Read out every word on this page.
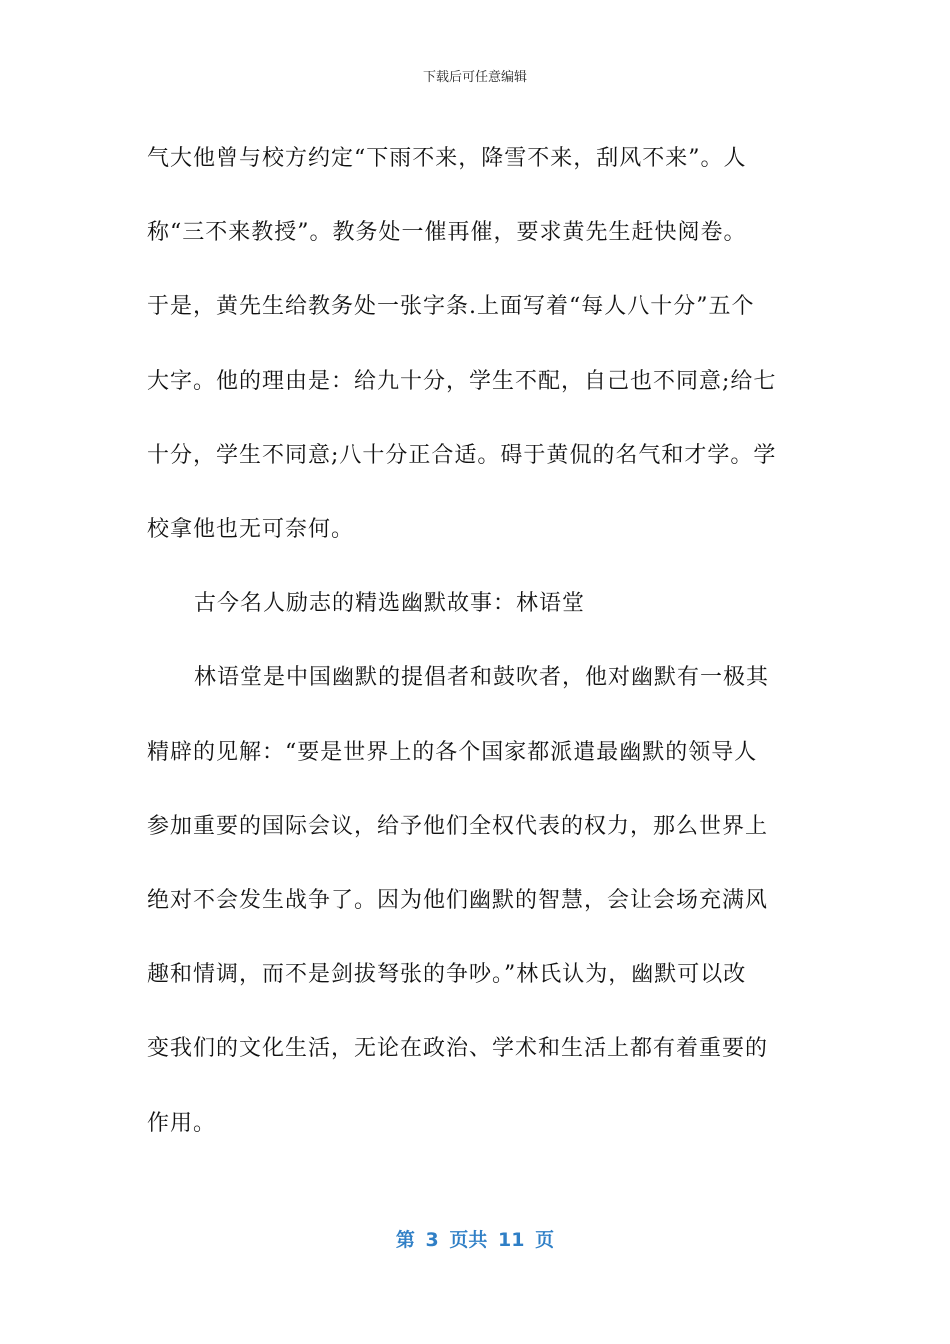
下载后可任意编辑

气大他曾与校方约定“下雨不来，降雪不来，刮风不来”。人
称“三不来教授”。教务处一催再催，要求黄先生赶快阅卷。
于是，黄先生给教务处一张字条.上面写着“每人八十分”五个
大字。他的理由是：给九十分，学生不配，自己也不同意;给七
十分，学生不同意;八十分正合适。碍于黄侃的名气和才学。学
校拿他也无可奈何。

古今名人励志的精选幽默故事：林语堂

林语堂是中国幽默的提倡者和鼓吹者，他对幽默有一极其
精辟的见解：“要是世界上的各个国家都派遣最幽默的领导人
参加重要的国际会议，给予他们全权代表的权力，那么世界上
绝对不会发生战争了。因为他们幽默的智慧，会让会场充满风
趣和情调，而不是剑拔弩张的争吵。”林氏认为，幽默可以改
变我们的文化生活，无论在政治、学术和生活上都有着重要的
作用。

第 3 页共 11 页
